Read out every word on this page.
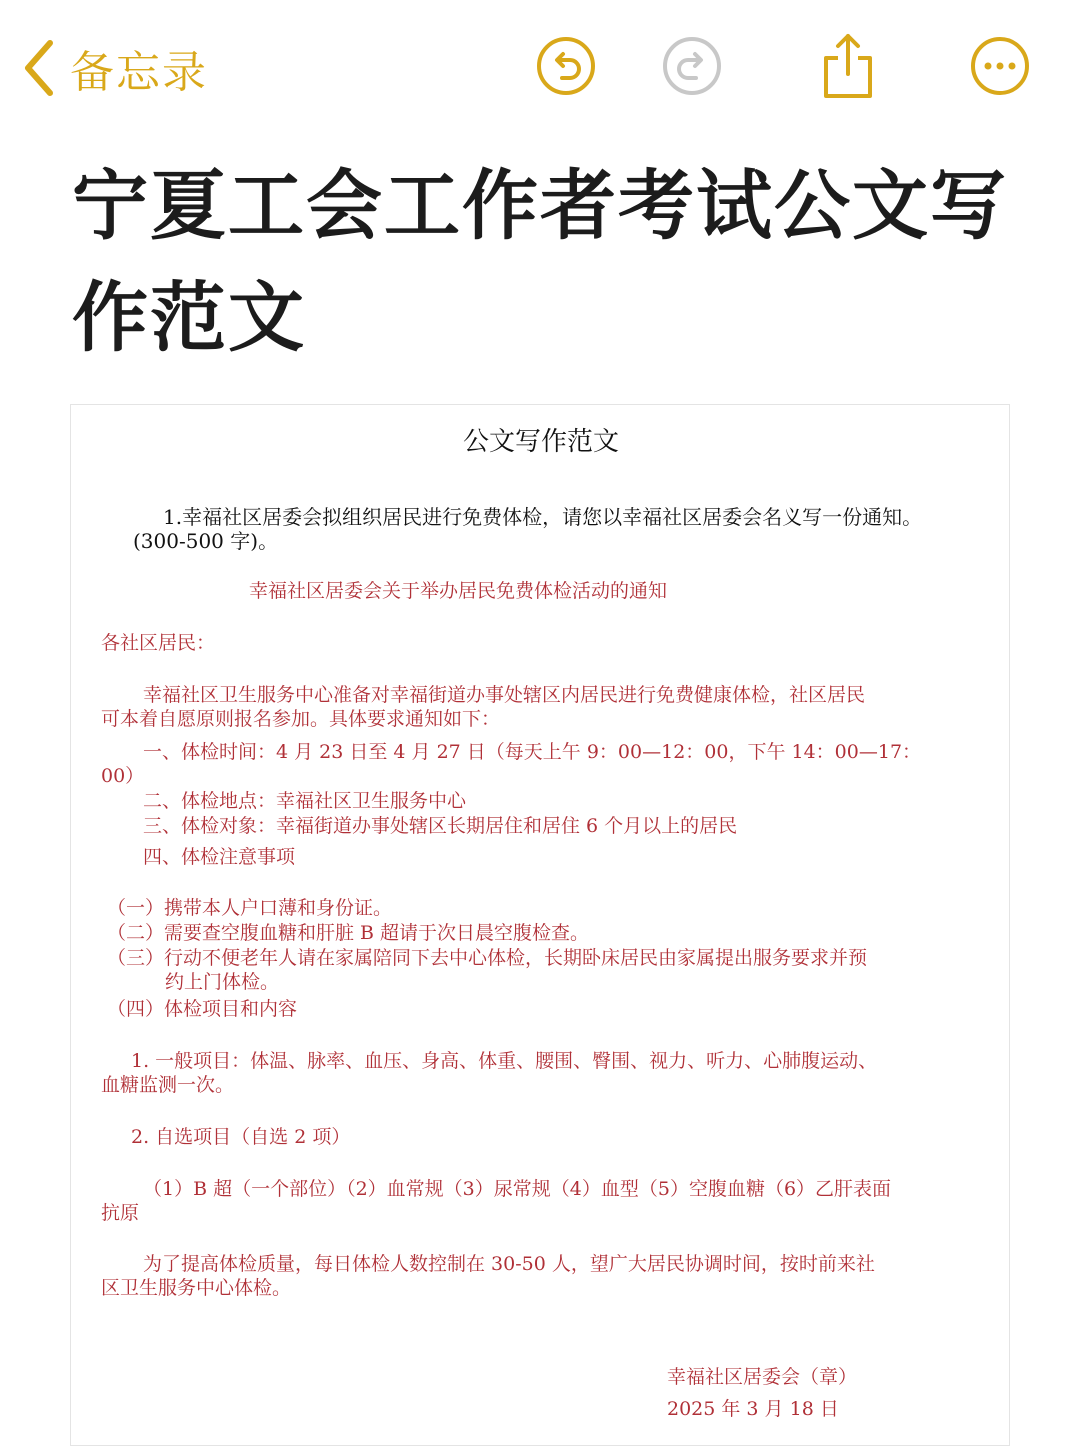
备忘录
宁夏工会工作者考试公文写
作范文
公文写作范文
1.幸福社区居委会拟组织居民进行免费体检，请您以幸福社区居委会名义写一份通知。
(300-500 字)。
幸福社区居委会关于举办居民免费体检活动的通知
各社区居民：
幸福社区卫生服务中心准备对幸福街道办事处辖区内居民进行免费健康体检，社区居民
可本着自愿原则报名参加。具体要求通知如下：
一、体检时间：4 月 23 日至 4 月 27 日（每天上午 9：00—12：00，下午 14：00—17：
00）
二、体检地点：幸福社区卫生服务中心
三、体检对象：幸福街道办事处辖区长期居住和居住 6 个月以上的居民
四、体检注意事项
（一）携带本人户口薄和身份证。
（二）需要查空腹血糖和肝脏 B 超请于次日晨空腹检查。
（三）行动不便老年人请在家属陪同下去中心体检，长期卧床居民由家属提出服务要求并预
约上门体检。
（四）体检项目和内容
1. 一般项目：体温、脉率、血压、身高、体重、腰围、臀围、视力、听力、心肺腹运动、
血糖监测一次。
2. 自选项目（自选 2 项）
（1）B 超（一个部位）（2）血常规（3）尿常规（4）血型（5）空腹血糖（6）乙肝表面
抗原
为了提高体检质量，每日体检人数控制在 30-50 人，望广大居民协调时间，按时前来社
区卫生服务中心体检。
幸福社区居委会（章）
2025 年 3 月 18 日
